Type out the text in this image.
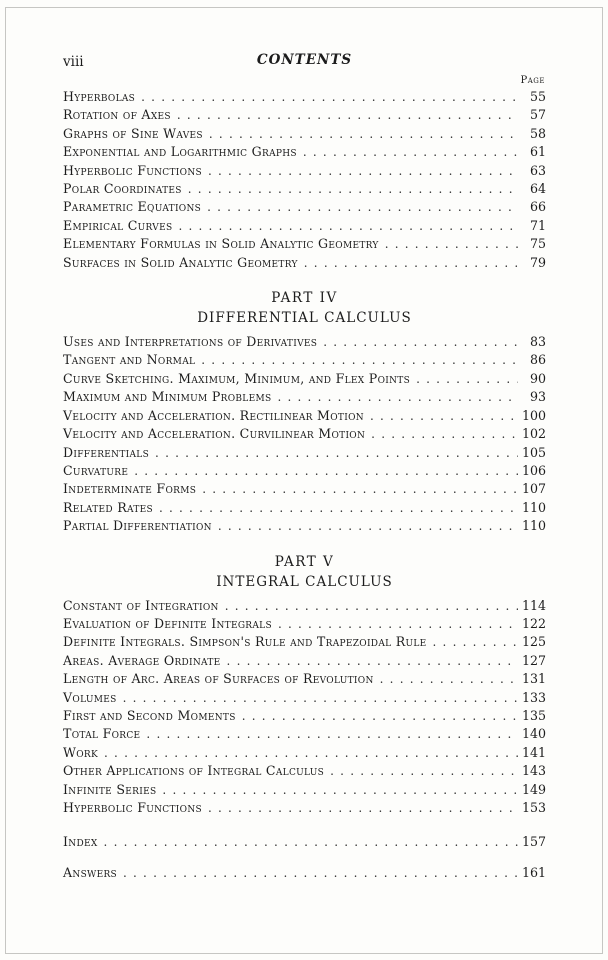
viii	CONTENTS
Page
Hyperbolas . . .	55
Rotation of Axes . . .	57
Graphs of Sine Waves . . .	58
Exponential and Logarithmic Graphs . . .	61
Hyperbolic Functions . . .	63
Polar Coordinates . . .	64
Parametric Equations . . .	66
Empirical Curves . . .	71
Elementary Formulas in Solid Analytic Geometry . . .	75
Surfaces in Solid Analytic Geometry . . .	79
PART IV
DIFFERENTIAL CALCULUS
Uses and Interpretations of Derivatives . . .	83
Tangent and Normal . . .	86
Curve Sketching. Maximum, Minimum, and Flex Points . . .	90
Maximum and Minimum Problems . . .	93
Velocity and Acceleration. Rectilinear Motion . . .	100
Velocity and Acceleration. Curvilinear Motion . . .	102
Differentials . . .	105
Curvature . . .	106
Indeterminate Forms . . .	107
Related Rates . . .	110
Partial Differentiation . . .	110
PART V
INTEGRAL CALCULUS
Constant of Integration . . .	114
Evaluation of Definite Integrals . . .	122
Definite Integrals. Simpson's Rule and Trapezoidal Rule . . .	125
Areas. Average Ordinate . . .	127
Length of Arc. Areas of Surfaces of Revolution . . .	131
Volumes . . .	133
First and Second Moments . . .	135
Total Force . . .	140
Work . . .	141
Other Applications of Integral Calculus . . .	143
Infinite Series . . .	149
Hyperbolic Functions . . .	153
Index . . .	157
Answers . . .	161
